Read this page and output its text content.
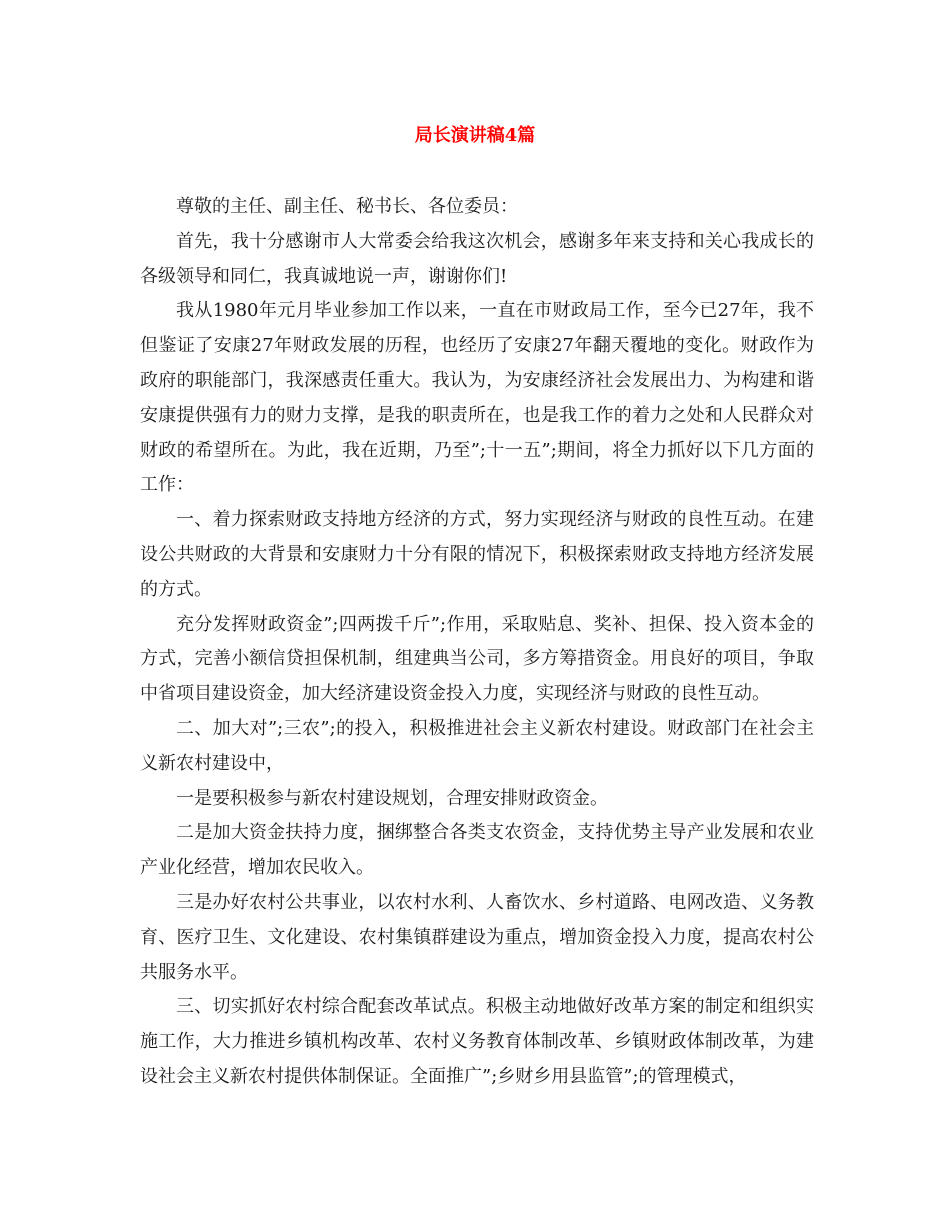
局长演讲稿4篇

尊敬的主任、副主任、秘书长、各位委员：

首先，我十分感谢市人大常委会给我这次机会，感谢多年来支持和关心我成长的各级领导和同仁，我真诚地说一声，谢谢你们!

我从1980年元月毕业参加工作以来，一直在市财政局工作，至今已27年，我不但鉴证了安康27年财政发展的历程，也经历了安康27年翻天覆地的变化。财政作为政府的职能部门，我深感责任重大。我认为，为安康经济社会发展出力、为构建和谐安康提供强有力的财力支撑，是我的职责所在，也是我工作的着力之处和人民群众对财政的希望所在。为此，我在近期，乃至”;十一五”;期间，将全力抓好以下几方面的工作：

一、着力探索财政支持地方经济的方式，努力实现经济与财政的良性互动。在建设公共财政的大背景和安康财力十分有限的情况下，积极探索财政支持地方经济发展的方式。

充分发挥财政资金”;四两拨千斤”;作用，采取贴息、奖补、担保、投入资本金的方式，完善小额信贷担保机制，组建典当公司，多方筹措资金。用良好的项目，争取中省项目建设资金，加大经济建设资金投入力度，实现经济与财政的良性互动。

二、加大对”;三农”;的投入，积极推进社会主义新农村建设。财政部门在社会主义新农村建设中，

一是要积极参与新农村建设规划，合理安排财政资金。

二是加大资金扶持力度，捆绑整合各类支农资金，支持优势主导产业发展和农业产业化经营，增加农民收入。

三是办好农村公共事业，以农村水利、人畜饮水、乡村道路、电网改造、义务教育、医疗卫生、文化建设、农村集镇群建设为重点，增加资金投入力度，提高农村公共服务水平。

三、切实抓好农村综合配套改革试点。积极主动地做好改革方案的制定和组织实施工作，大力推进乡镇机构改革、农村义务教育体制改革、乡镇财政体制改革，为建设社会主义新农村提供体制保证。全面推广”;乡财乡用县监管”;的管理模式，
